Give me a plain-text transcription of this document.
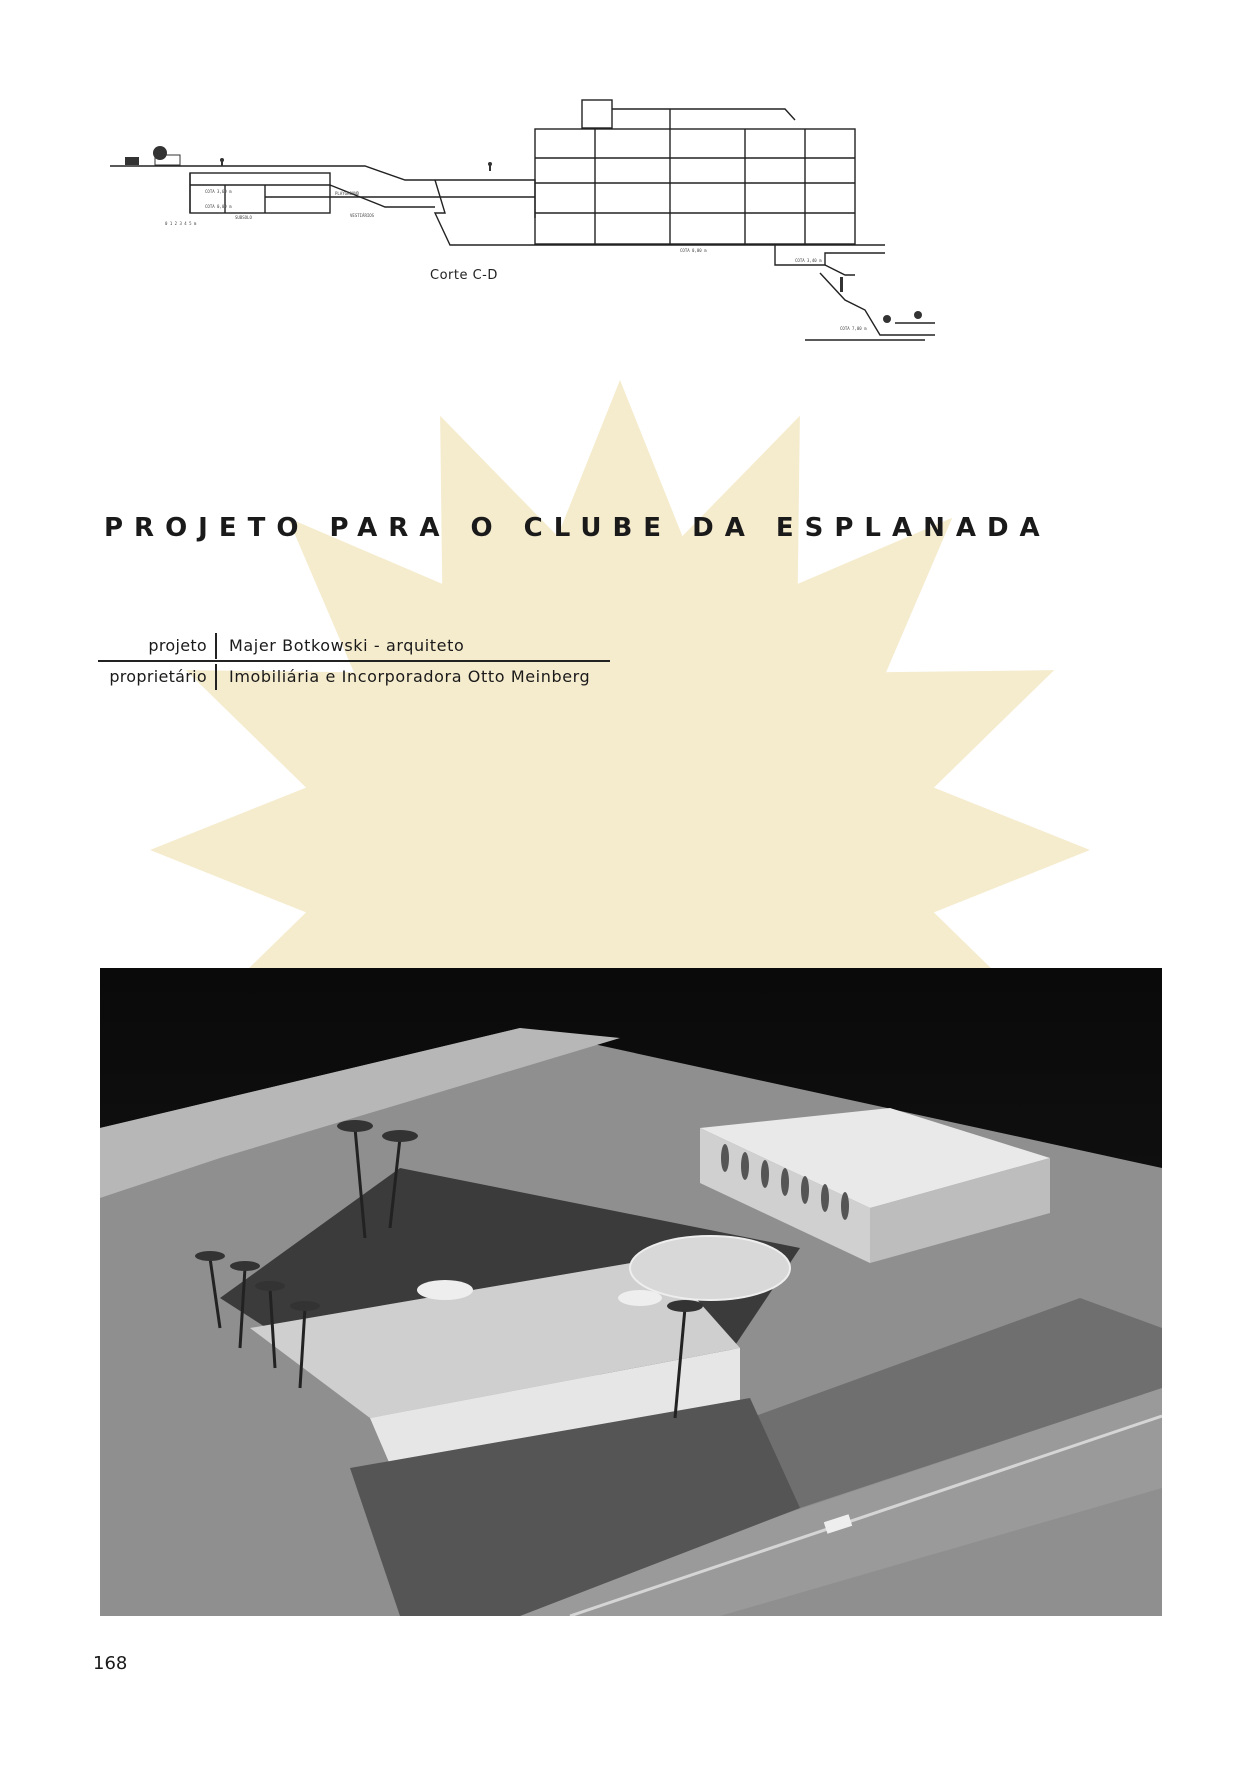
COTA 3,60 m
COTA 0,00 m
PLAYGROUND
SUBSOLO	VESTIÁRIOS
0 1 2 3 4 5 m
COTA 0,00 m
COTA 3,40 m
COTA 7,00 m
Corte C-D
PROJETO PARA O CLUBE DA ESPLANADA
projeto	Majer Botkowski - arquiteto
proprietário	Imobiliária e Incorporadora Otto Meinberg
168
